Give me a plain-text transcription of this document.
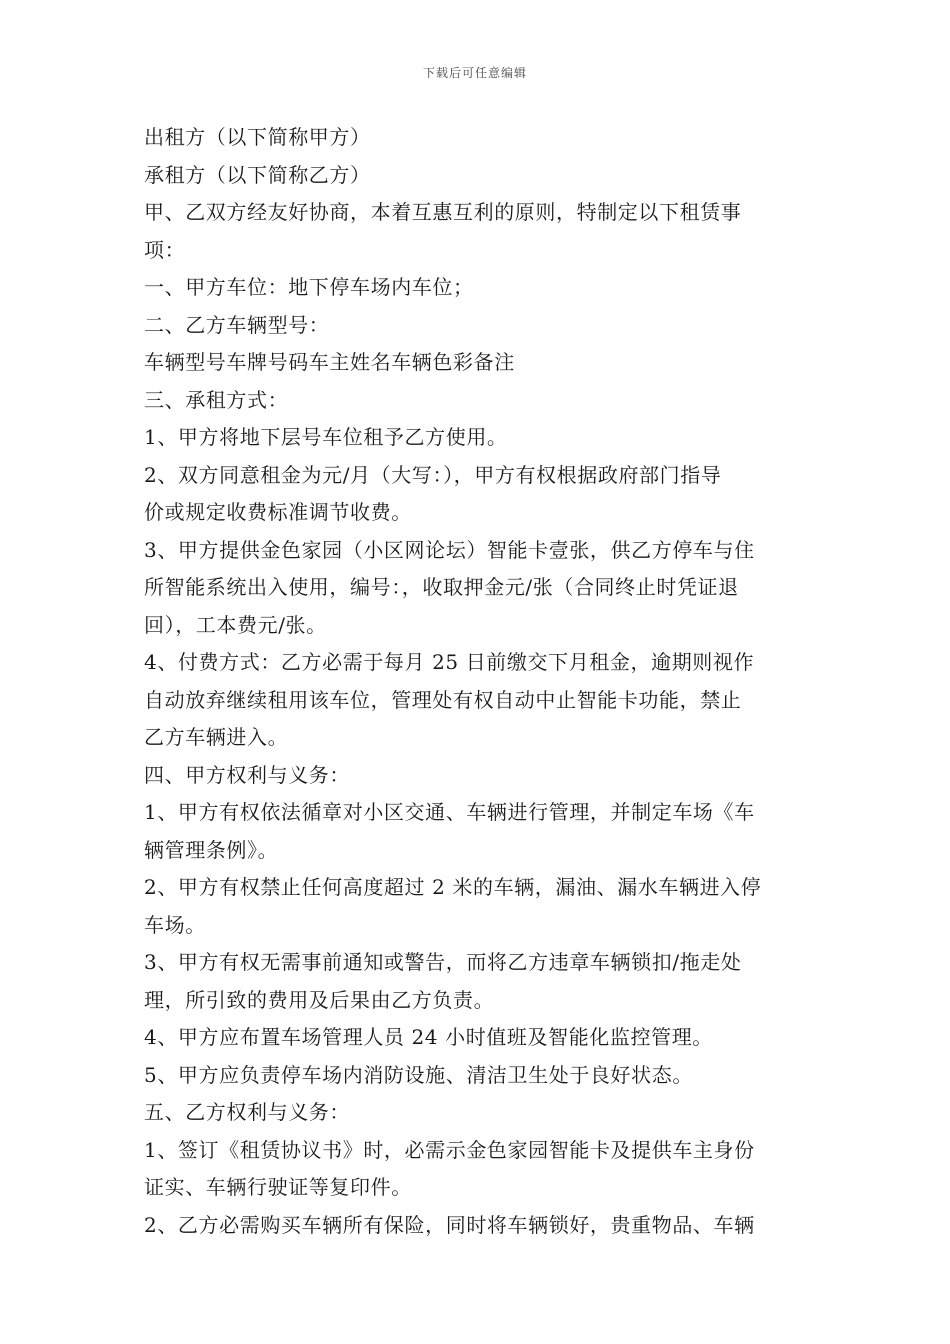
下载后可任意编辑
出租方（以下简称甲方）
承租方（以下简称乙方）
甲、乙双方经友好协商，本着互惠互利的原则，特制定以下租赁事
项：
一、甲方车位：地下停车场内车位；
二、乙方车辆型号：
车辆型号车牌号码车主姓名车辆色彩备注
三、承租方式：
1、甲方将地下层号车位租予乙方使用。
2、双方同意租金为元/月（大写：），甲方有权根据政府部门指导
价或规定收费标准调节收费。
3、甲方提供金色家园（小区网论坛）智能卡壹张，供乙方停车与住
所智能系统出入使用，编号：，收取押金元/张（合同终止时凭证退
回），工本费元/张。
4、付费方式：乙方必需于每月 25 日前缴交下月租金，逾期则视作
自动放弃继续租用该车位，管理处有权自动中止智能卡功能，禁止
乙方车辆进入。
四、甲方权利与义务：
1、甲方有权依法循章对小区交通、车辆进行管理，并制定车场《车
辆管理条例》。
2、甲方有权禁止任何高度超过 2 米的车辆，漏油、漏水车辆进入停
车场。
3、甲方有权无需事前通知或警告，而将乙方违章车辆锁扣/拖走处
理，所引致的费用及后果由乙方负责。
4、甲方应布置车场管理人员 24 小时值班及智能化监控管理。
5、甲方应负责停车场内消防设施、清洁卫生处于良好状态。
五、乙方权利与义务：
1、签订《租赁协议书》时，必需示金色家园智能卡及提供车主身份
证实、车辆行驶证等复印件。
2、乙方必需购买车辆所有保险，同时将车辆锁好，贵重物品、车辆
